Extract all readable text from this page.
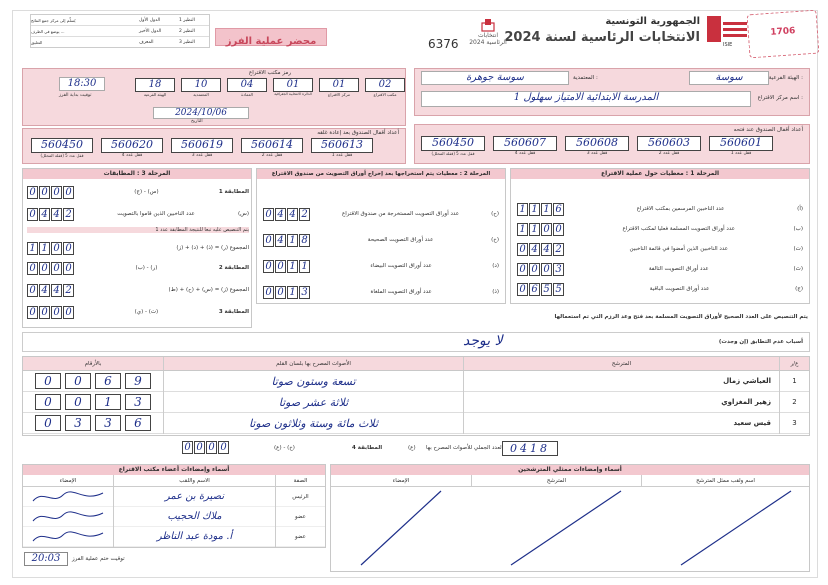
ISIE
1706
انتخابات الرئاسية 2024
الجمهورية التونسية
الانتخابات الرئاسية لسنة 2024
6376
محضر عملية الفرز
يُسلَّم إلى مركز جمع النتائج	الدول الأول	النظير 1
يوضع في الظرف ...	الدول الأخير	النظير 2
التعليق	المعرف	النظير 3
الهيئة الفرعية :
سوسة
المعتمدية :
سوسة جوهرة
اسم مركز الاقتراع :
المدرسة الابتدائية الامتياز سهلول 1
رمز مكتب الاقتراع
02
مكتب الاقتراع
01
مركز الاقتراع
01
الدائرة الانتخابية الجغرافية
04
العمادة
10
المعتمدية
18
الهيئة الفرعية
18:30
توقيت بداية الفرز
2024/10/06
التاريخ
أعداد أقفال الصندوق عند فتحه
560601
قفل عدد 1
560603
قفل عدد 2
560608
قفل عدد 3
560607
قفل عدد 4
560450
قفل عدد 5 (قفلة المحلل)
أعداد أقفال الصندوق بعد إعادة غلقه
560613
قفل عدد 1
560614
قفل عدد 2
560619
قفل عدد 3
560620
قفل عدد 4
560450
قفل عدد 5 (قفلة المحلل)
المرحلة 1 : معطيات حول عملية الاقتراع
1 1 1 6	عدد الناخبين المرسمين بمكتب الاقتراع	(أ)
1 1 0 0	عدد أوراق التصويت المسلمة فعليا لمكتب الاقتراع	(ب)
0 4 4 2	عدد الناخبين الذين أمضوا في قائمة الناخبين	(ت)
0 0 0 3	عدد أوراق التصويت التالفة	(ث)
0 6 5 5	عدد أوراق التصويت الباقية	(ج)
المرحلة 2 : معطيات يتم استخراجها بعد إخراج أوراق التصويت من صندوق الاقتراع
0 4 4 2	عدد أوراق التصويت المستخرجة من صندوق الاقتراع	(ح)
0 4 1 8	عدد أوراق التصويت الصحيحة	(خ)
0 0 1 1	عدد أوراق التصويت البيضاء	(د)
0 0 1 3	عدد أوراق التصويت الملغاة	(ذ)
المرحلة 3 : المطابقات
0 0 0 0	(ج) - (س)	المطابقة 1
0 4 4 2	عدد الناخبين الذين قاموا بالتصويت	(س)
يتم التنصيص عليه تبعا للنتيجة المطابقة عدد 1
1 1 0 0	المجموع (ر) = (ذ) + (د) + (ز)
0 0 0 0	(ب) - (ر)	المطابقة 2
0 4 4 2	المجموع (ز) = (س) + (ح) + (ط)
0 0 0 0	(ي) - (ت)	المطابقة 3
يتم التنصيص على العدد الصحيح لأوراق التصويت المسلمة بعد فتح وعد الرزم التي تم استعمالها
أسباب عدم التطابق (إن وجدت)
لا يوجد
بالأرقام	الأصوات المصرح بها بلسان القلم	المترشح	ع/ر
0	0	6	9	تسعة وستون صوتا	العياشي زمال	1
0	0	1	3	ثلاثة عشر صوتا	زهير المغزاوي	2
0	3	3	6	ثلاث مائة وستة وثلاثون صوتا	قيس سعيد	3
العدد الجملي للأصوات المصرح بها 0418
(ع)
المطابقة 4
(ع) - (خ)
0 0 0 0
أسماء وإمضاءات ممثلي المترشحين
الإمضاء	المترشح	اسم ولقب ممثل المترشح
أسماء وإمضاءات أعضاء مكتب الاقتراع
الإمضاء	الاسم واللقب	الصفة
نصيرة بن عمر	الرئيس
ملاك الحجيب	عضو
أ. مودة عبد الناظر	عضو
20:03	توقيت ختم عملية الفرز
